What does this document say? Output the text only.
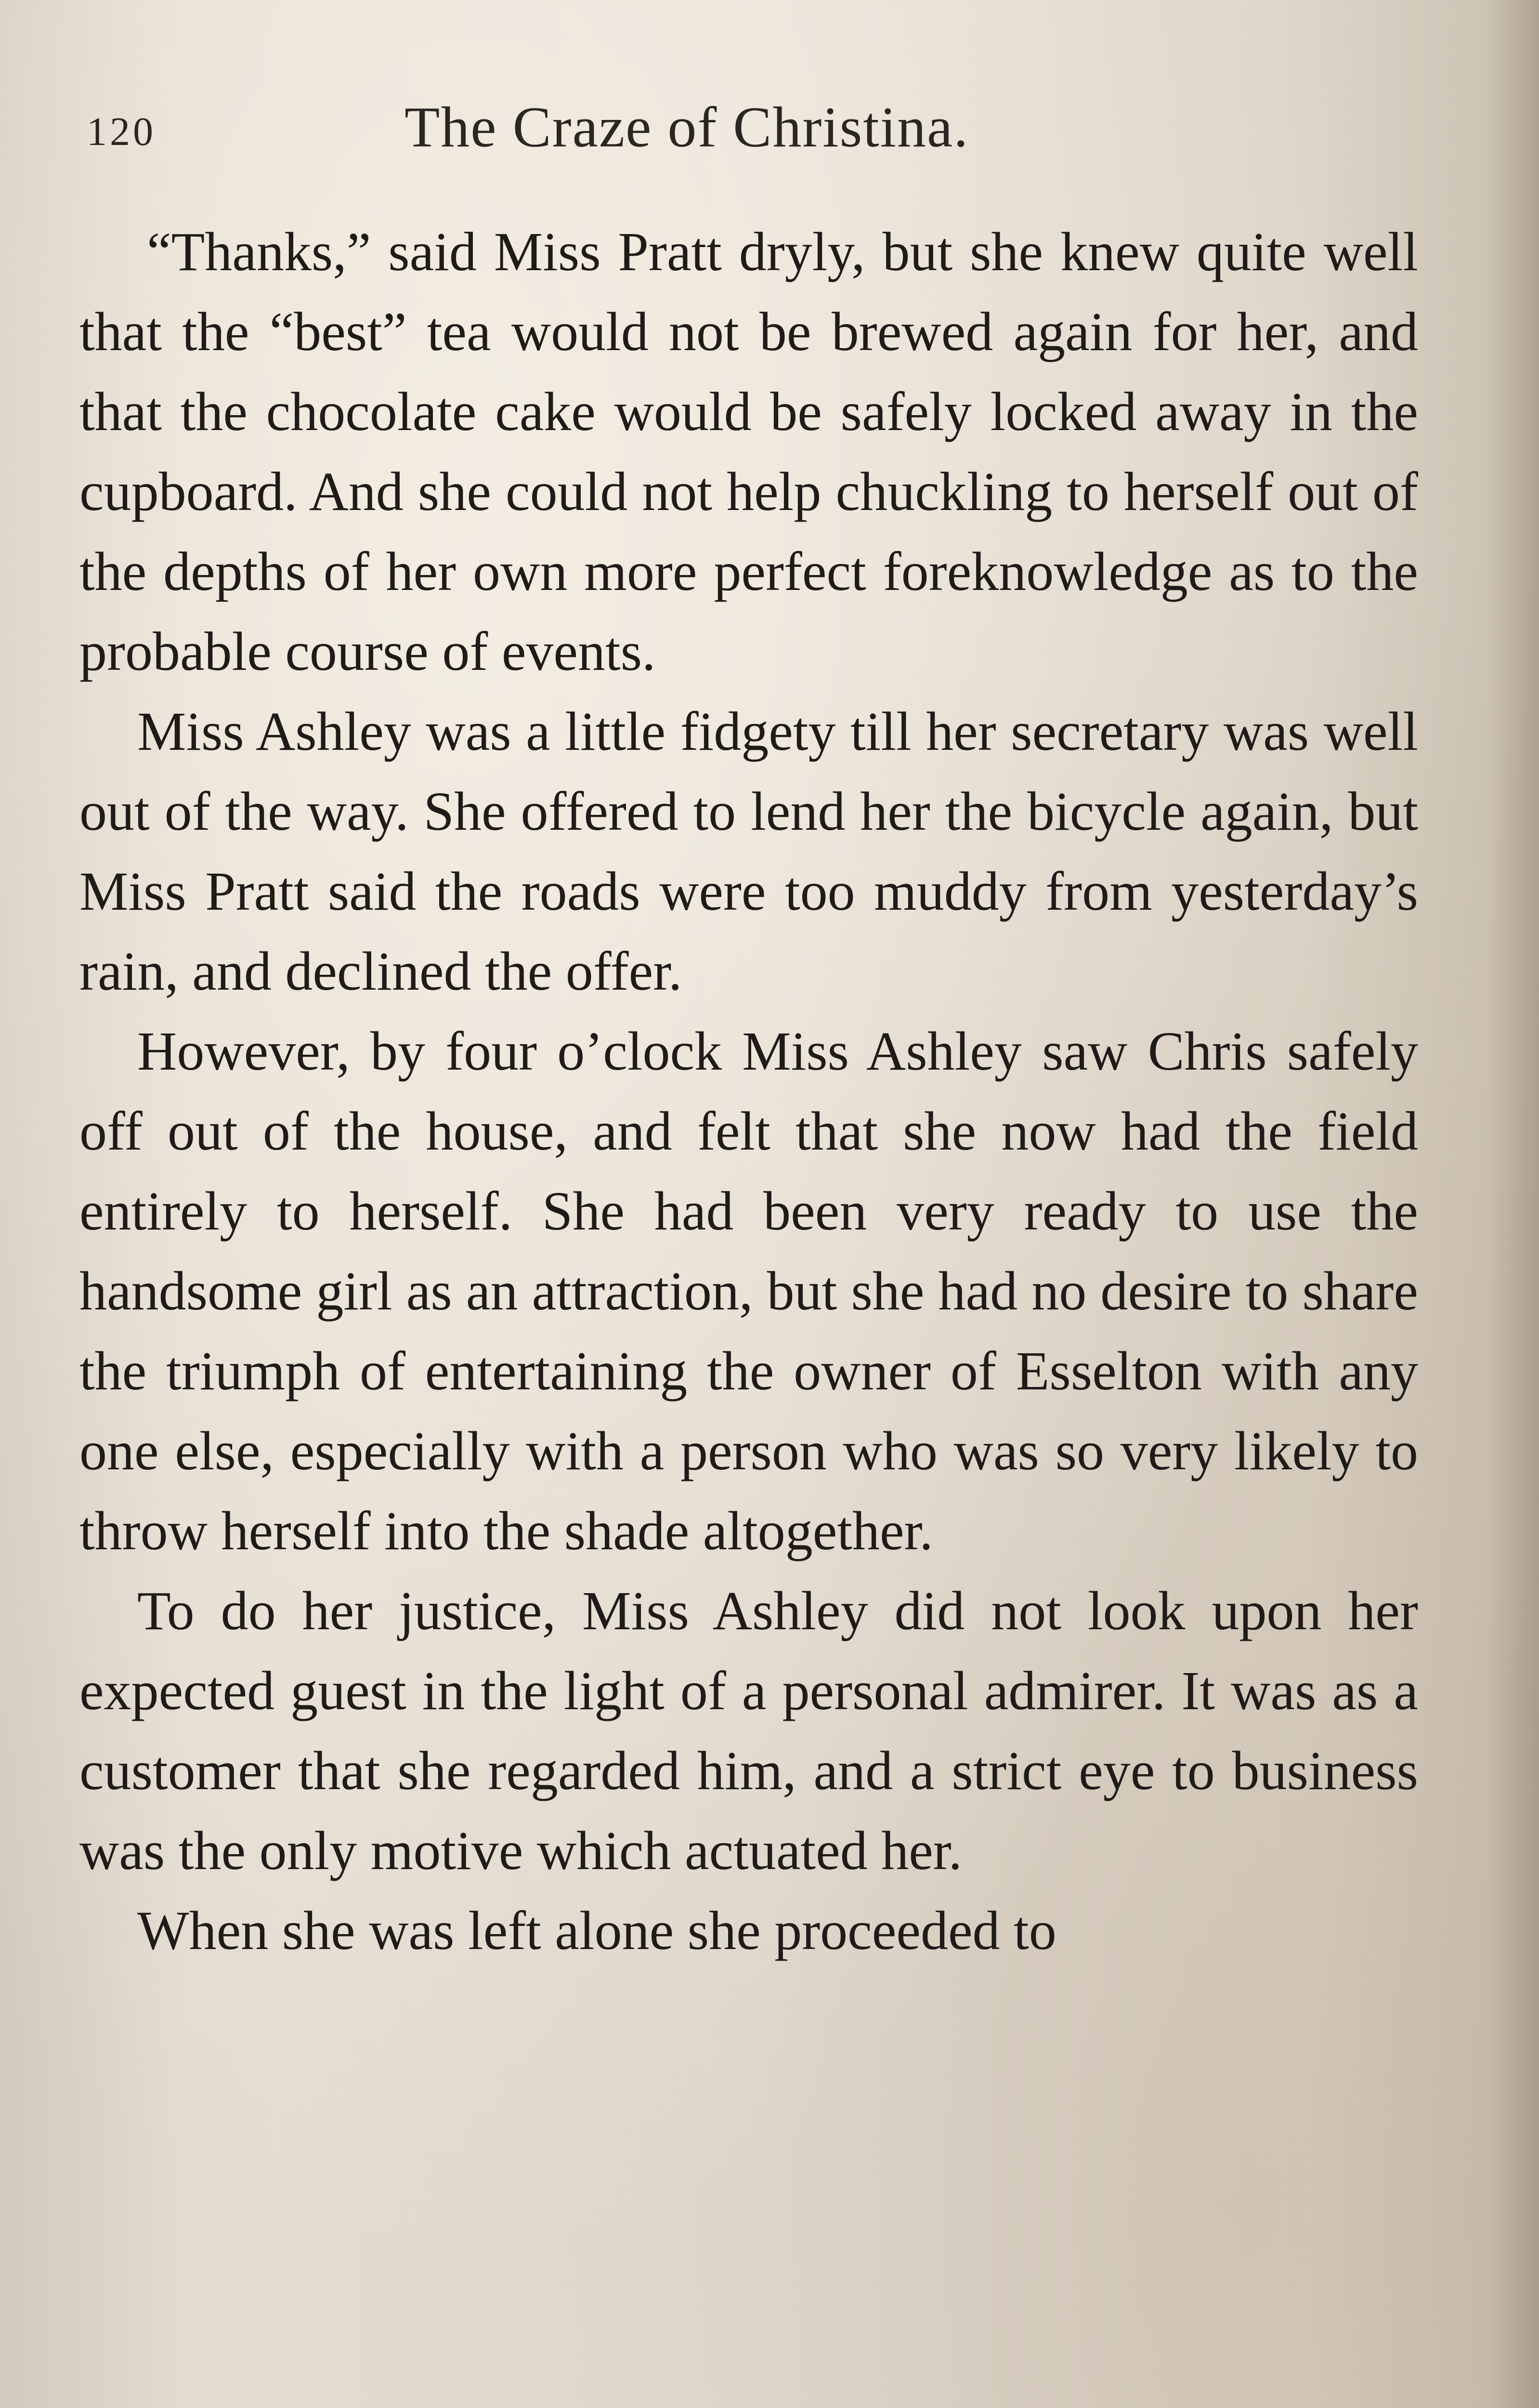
120	The Craze of Christina.

“Thanks,” said Miss Pratt dryly, but she knew quite well that the “best” tea would not be brewed again for her, and that the chocolate cake would be safely locked away in the cupboard. And she could not help chuckling to herself out of the depths of her own more perfect foreknowledge as to the probable course of events.

Miss Ashley was a little fidgety till her secretary was well out of the way. She offered to lend her the bicycle again, but Miss Pratt said the roads were too muddy from yesterday’s rain, and declined the offer.

However, by four o’clock Miss Ashley saw Chris safely off out of the house, and felt that she now had the field entirely to herself. She had been very ready to use the handsome girl as an attraction, but she had no desire to share the triumph of entertaining the owner of Esselton with any one else, especially with a person who was so very likely to throw herself into the shade altogether.

To do her justice, Miss Ashley did not look upon her expected guest in the light of a personal admirer. It was as a customer that she regarded him, and a strict eye to business was the only motive which actuated her.

When she was left alone she proceeded to
